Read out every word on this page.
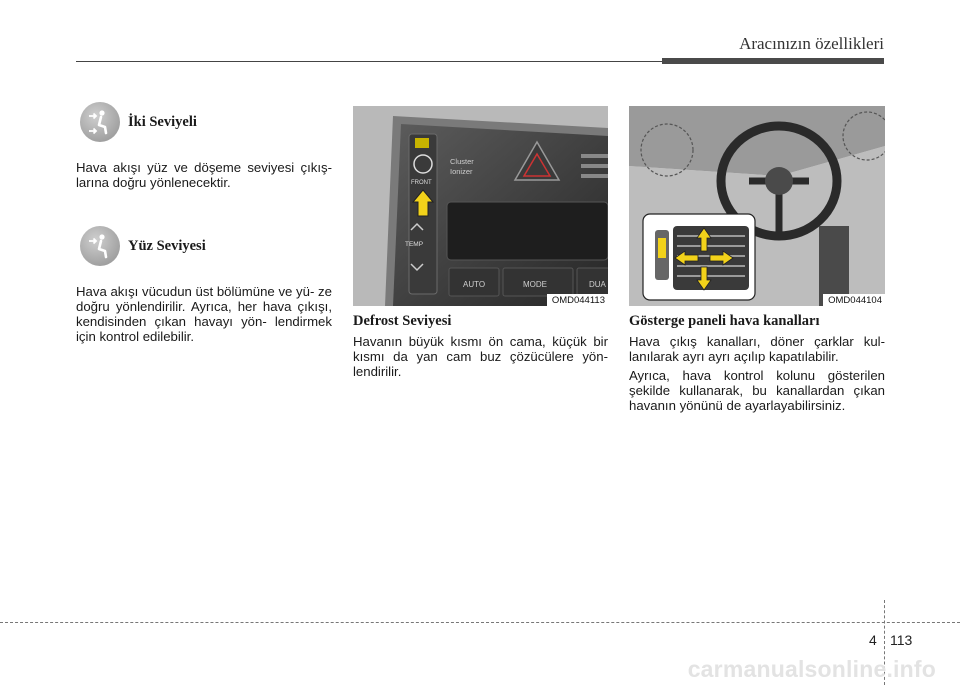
Aracınızın özellikleri
İki Seviyeli

Hava akışı yüz ve döşeme seviyesi çıkış- larına doğru yönlenecektir.

Yüz Seviyesi

Hava akışı vücudun üst bölümüne ve yü- ze doğru yönlendirilir. Ayrıca, her hava çıkışı, kendisinden çıkan havayı yön- lendirmek için kontrol edilebilir.

FRONT
Cluster
Ionizer
TEMP
AUTO	MODE	DUA
OMD044113
Defrost Seviyesi

Havanın büyük kısmı ön cama, küçük bir kısmı da yan cam buz çözücülere yön- lendirilir.

OMD044104
Gösterge paneli hava kanalları

Hava çıkış kanalları, döner çarklar kul- lanılarak ayrı ayrı açılıp kapatılabilir.

Ayrıca, hava kontrol kolunu gösterilen şekilde kullanarak, bu kanallardan çıkan havanın yönünü de ayarlayabilirsiniz.

4 113
carmanualsonline.info
